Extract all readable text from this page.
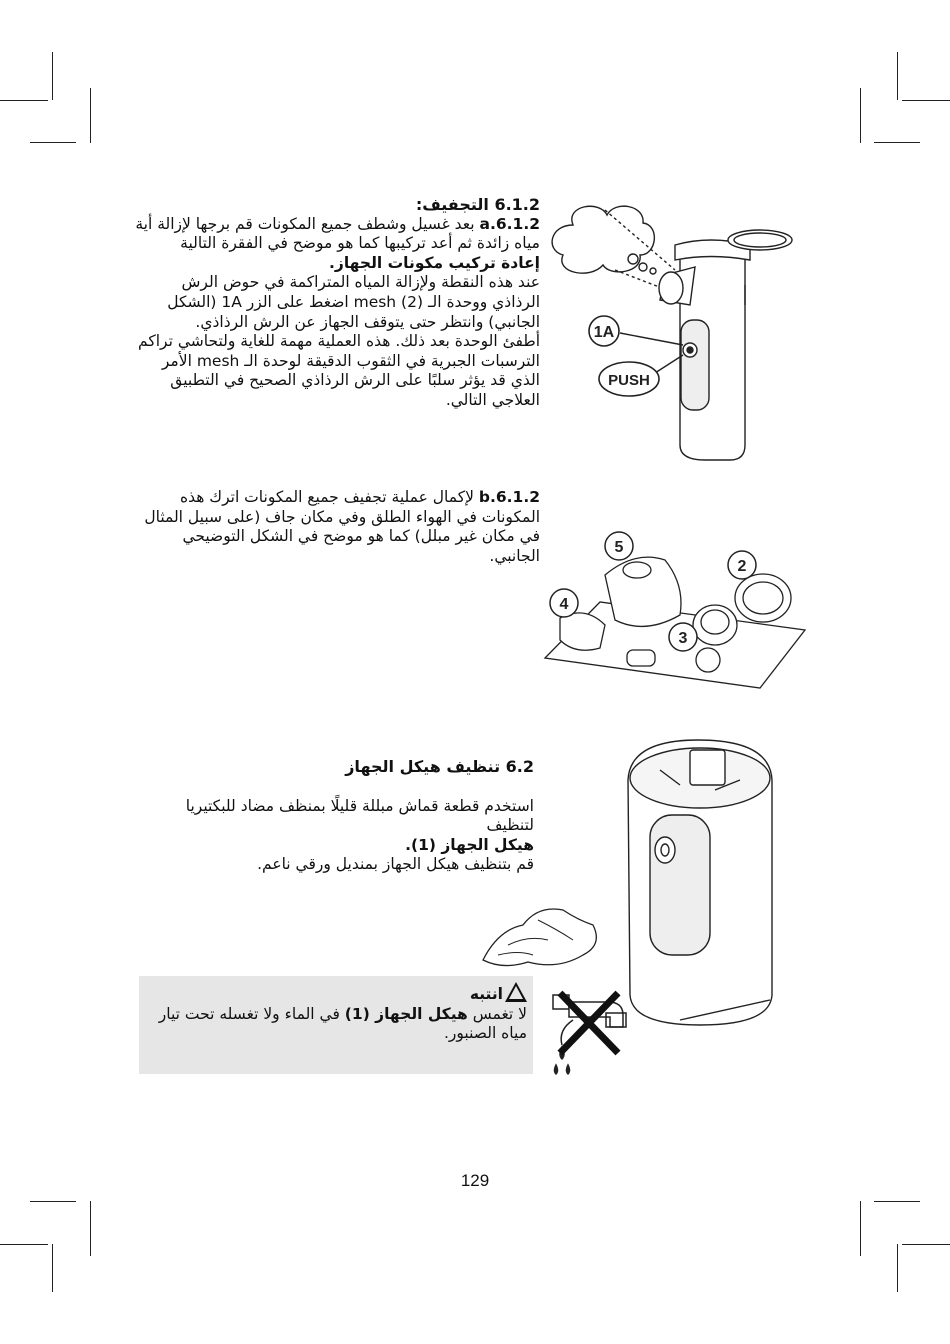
6.1.2 التجفيف:

a.6.1.2 بعد غسيل وشطف جميع المكونات قم برجها لإزالة أية مياه زائدة ثم أعد تركيبها كما هو موضح في الفقرة التالية

إعادة تركيب مكونات الجهاز.

عند هذه النقطة ولإزالة المياه المتراكمة في حوض الرش الرذاذي ووحدة الـ mesh (2) اضغط على الزر 1A (الشكل الجانبي) وانتظر حتى يتوقف الجهاز عن الرش الرذاذي.

أطفئ الوحدة بعد ذلك. هذه العملية مهمة للغاية ولتحاشي تراكم الترسبات الجبرية في الثقوب الدقيقة لوحدة الـ mesh الأمر الذي قد يؤثر سلبًا على الرش الرذاذي الصحيح في التطبيق العلاجي التالي.

b.6.1.2 لإكمال عملية تجفيف جميع المكونات اترك هذه المكونات في الهواء الطلق وفي مكان جاف (على سبيل المثال في مكان غير مبلل) كما هو موضح في الشكل التوضيحي الجانبي.

6.2 تنظيف هيكل الجهاز

استخدم قطعة قماش مبللة قليلًا بمنظف مضاد للبكتيريا لتنظيف

هيكل الجهاز (1).

قم بتنظيف هيكل الجهاز بمنديل ورقي ناعم.

انتبه

لا تغمس هيكل الجهاز (1) في الماء ولا تغسله تحت تيار مياه الصنبور.

1A
PUSH
5
4
3
2
129
